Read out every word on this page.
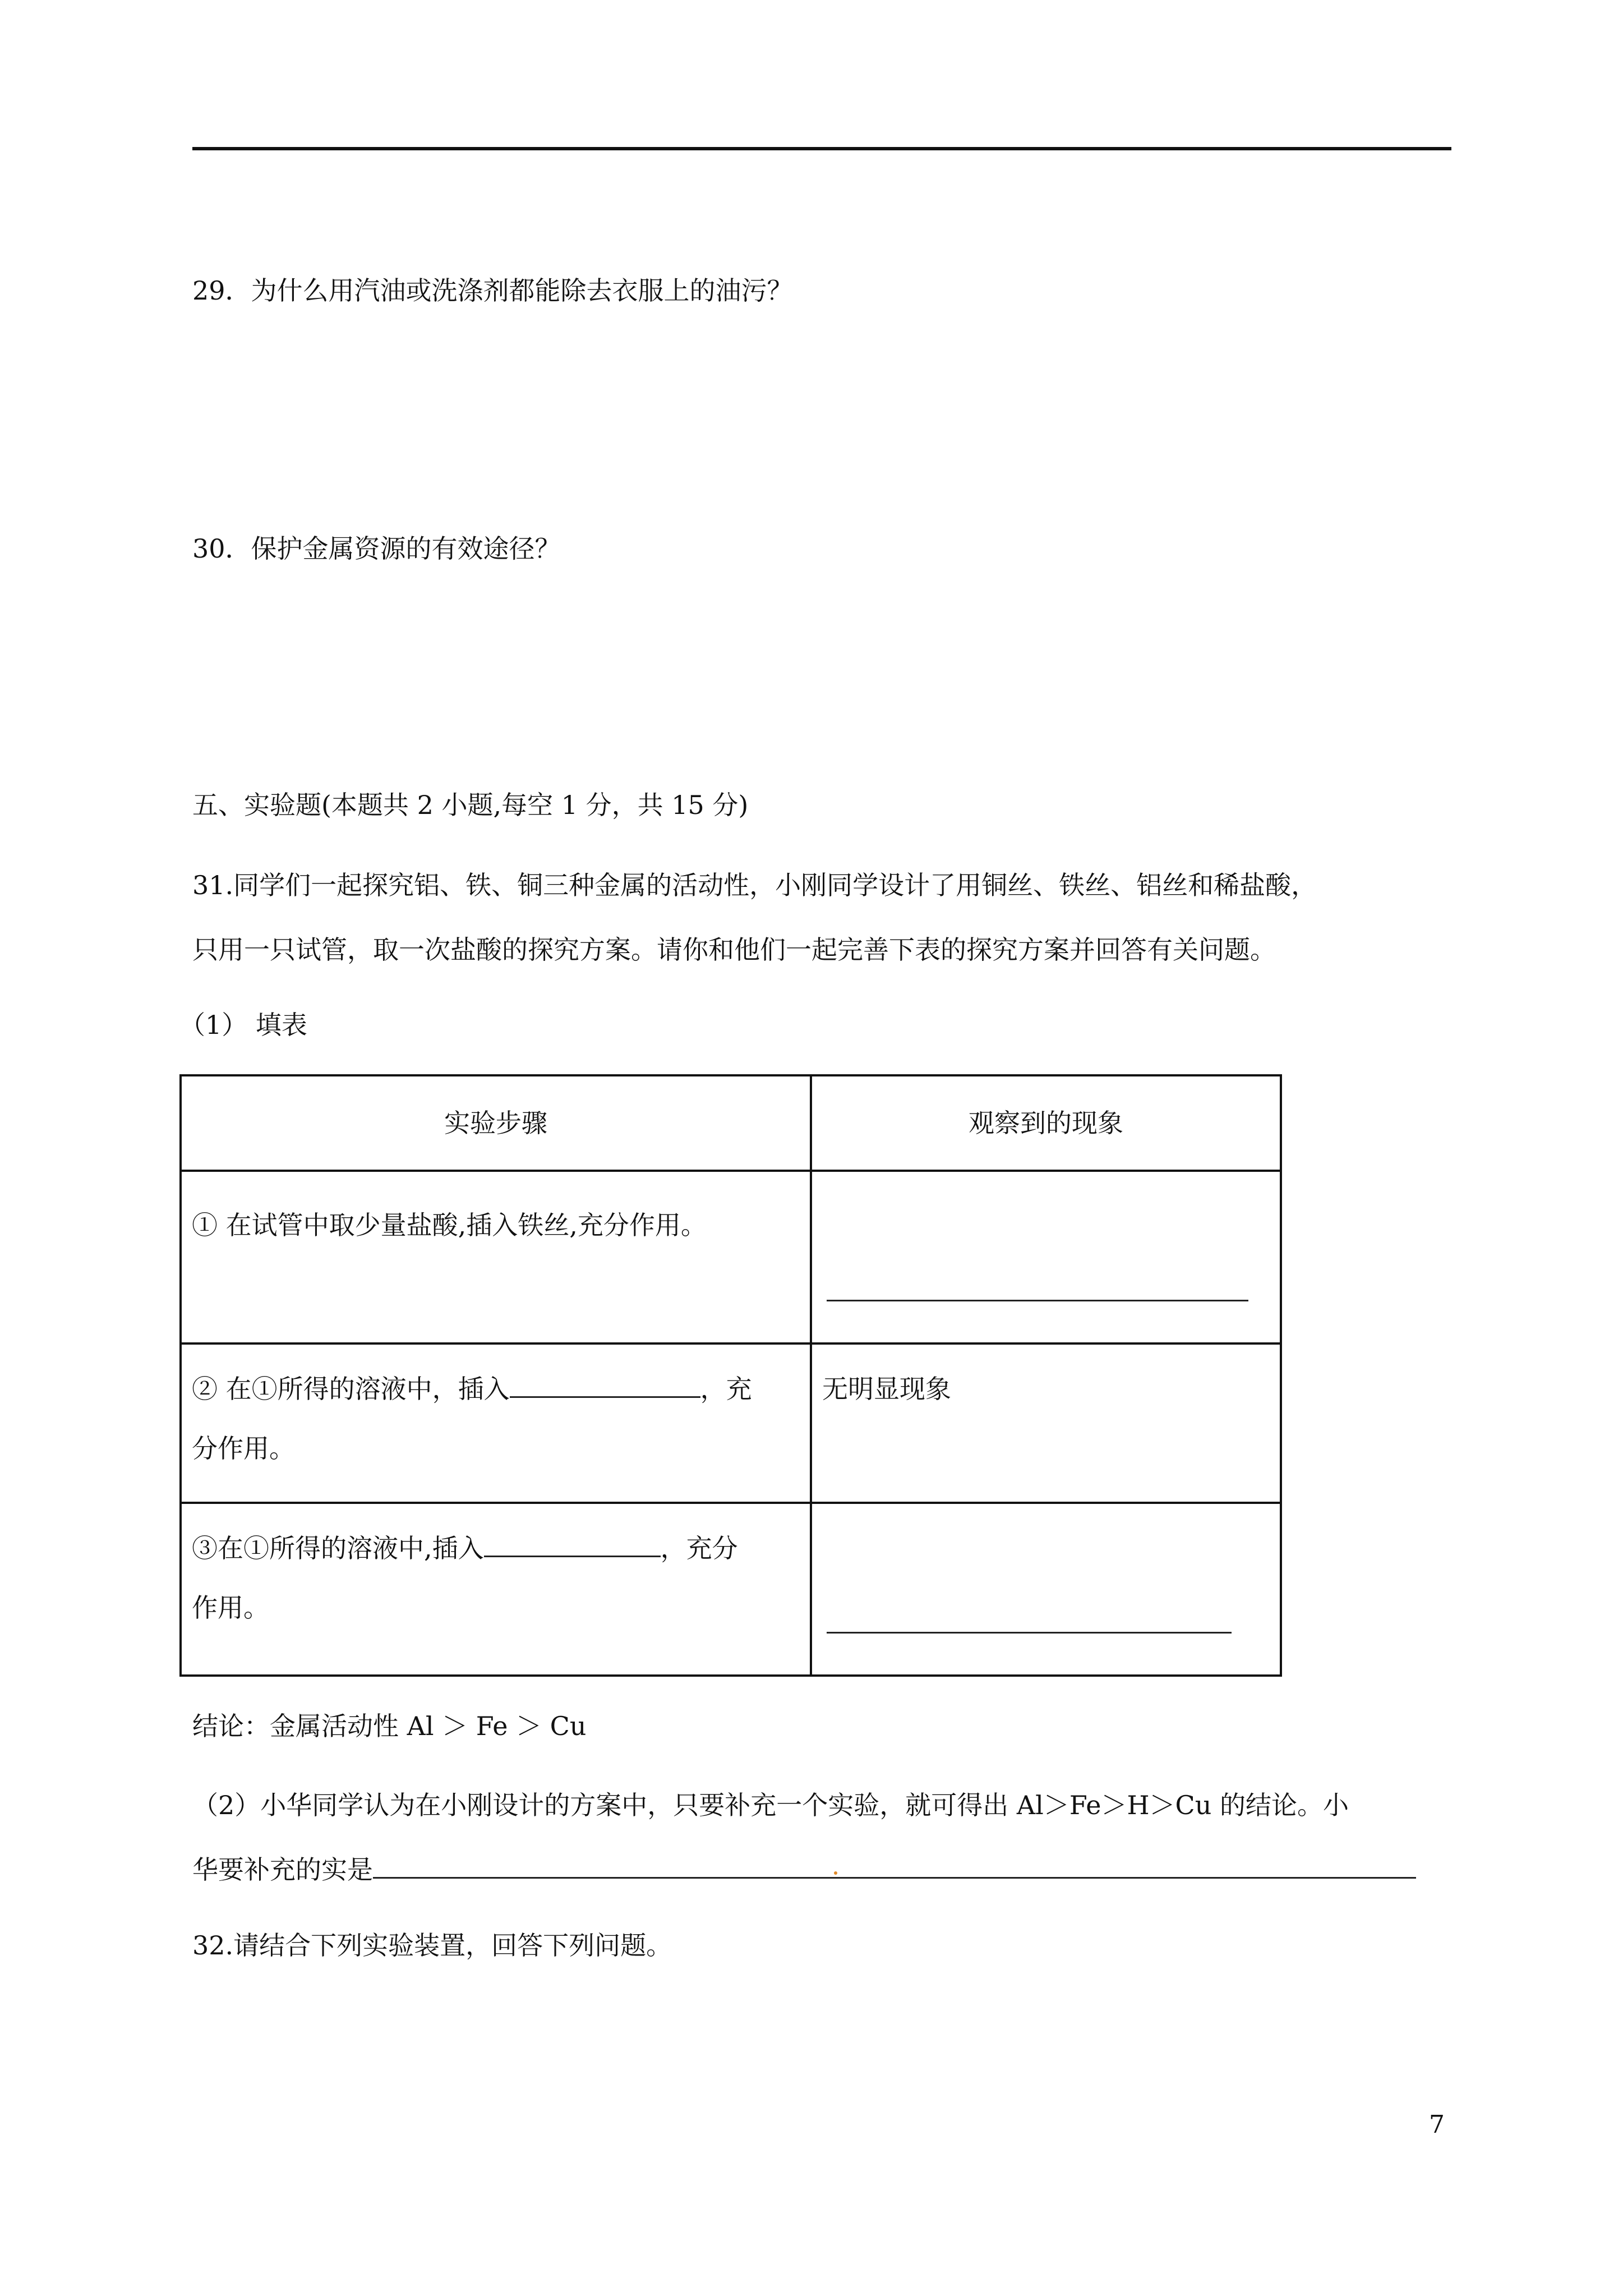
29．为什么用汽油或洗涤剂都能除去衣服上的油污？
30．保护金属资源的有效途径？
五、实验题(本题共 2 小题,每空 1 分，共 15 分)
31.同学们一起探究铝、铁、铜三种金属的活动性，小刚同学设计了用铜丝、铁丝、铝丝和稀盐酸，
只用一只试管，取一次盐酸的探究方案。请你和他们一起完善下表的探究方案并回答有关问题。
（1） 填表
实验步骤	观察到的现象

① 在试管中取少量盐酸,插入铁丝,充分作用。	

② 在①所得的溶液中，插入 ，充
分作用。	无明显现象

③在①所得的溶液中,插入 ，充分
作用。	

结论：金属活动性 Al ＞ Fe ＞ Cu
（2）小华同学认为在小刚设计的方案中，只要补充一个实验，就可得出 Al＞Fe＞H＞Cu 的结论。小
华要补充的实是
32.请结合下列实验装置，回答下列问题。
7
